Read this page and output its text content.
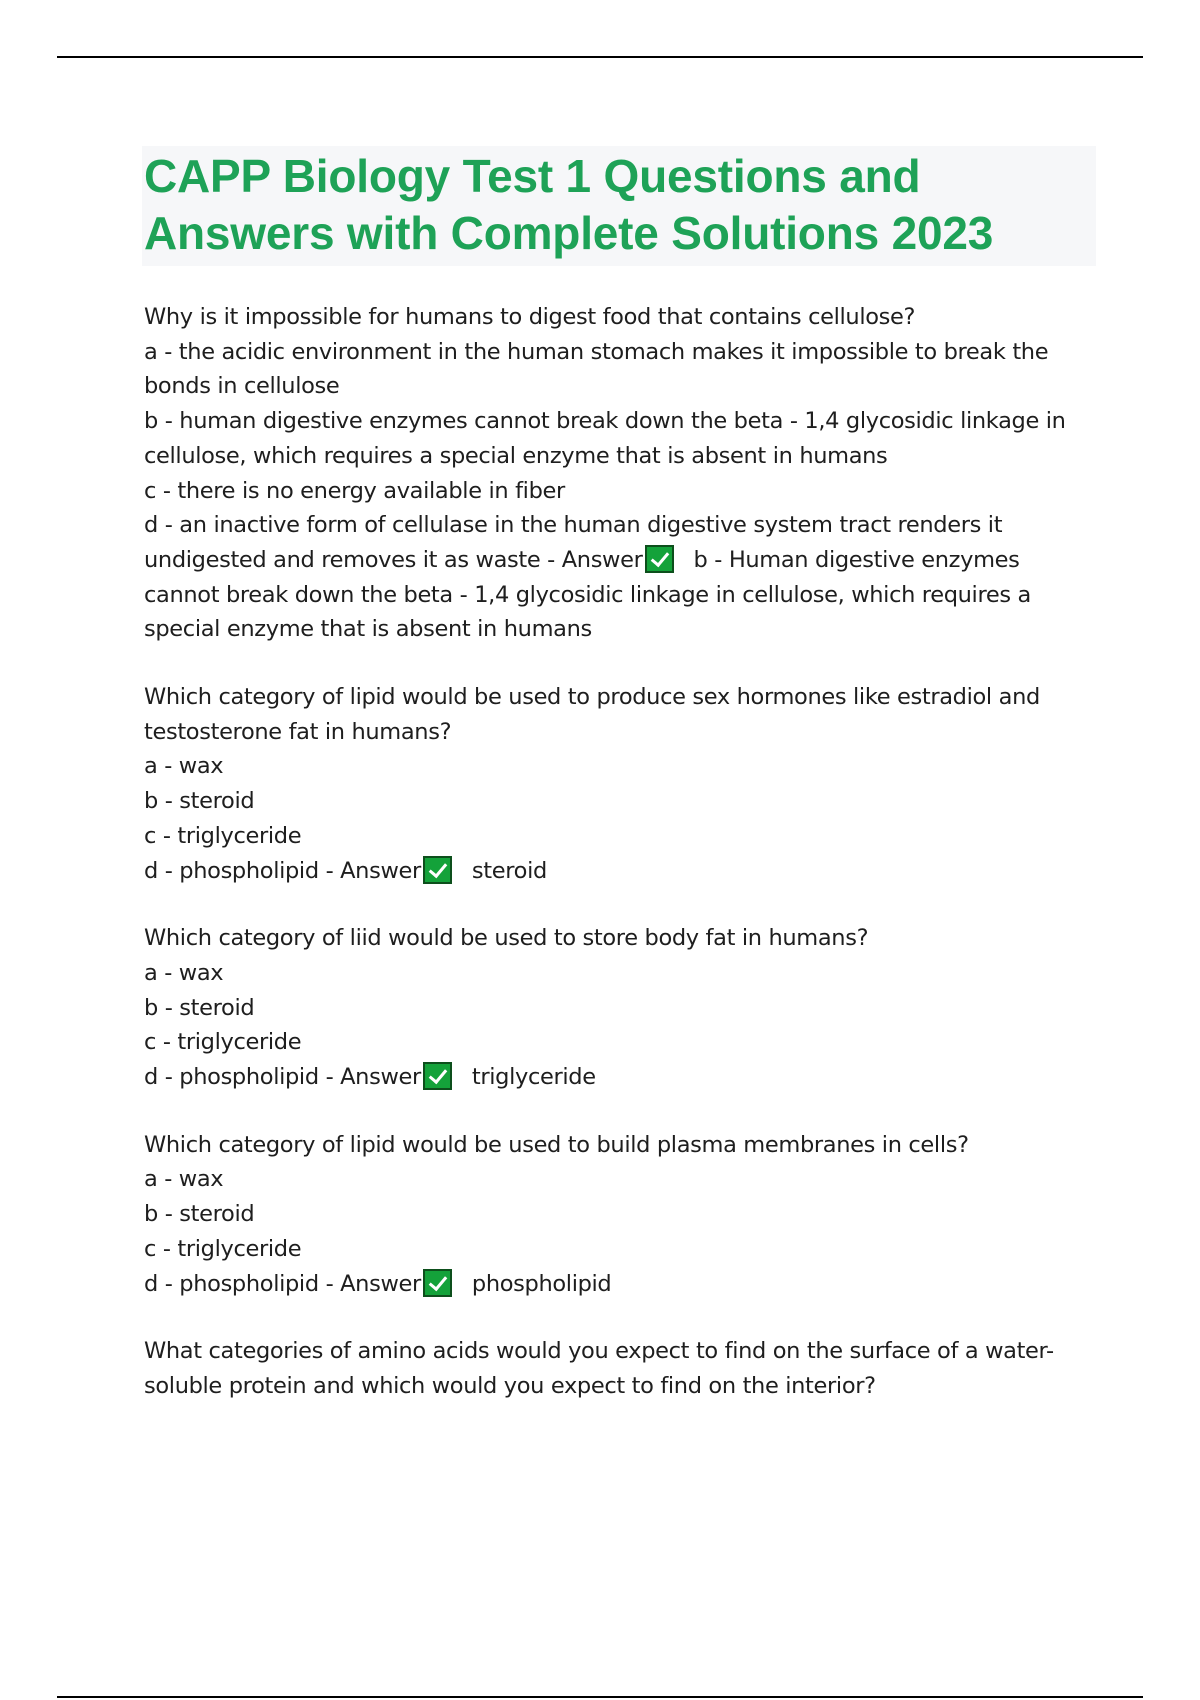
CAPP Biology Test 1 Questions and Answers with Complete Solutions 2023
Why is it impossible for humans to digest food that contains cellulose?
a - the acidic environment in the human stomach makes it impossible to break the bonds in cellulose
b - human digestive enzymes cannot break down the beta - 1,4 glycosidic linkage in cellulose, which requires a special enzyme that is absent in humans
c - there is no energy available in fiber
d - an inactive form of cellulase in the human digestive system tract renders it undigested and removes it as waste - Answer b - Human digestive enzymes cannot break down the beta - 1,4 glycosidic linkage in cellulose, which requires a special enzyme that is absent in humans
Which category of lipid would be used to produce sex hormones like estradiol and testosterone fat in humans?
a - wax
b - steroid
c - triglyceride
d - phospholipid - Answer steroid
Which category of liid would be used to store body fat in humans?
a - wax
b - steroid
c - triglyceride
d - phospholipid - Answer triglyceride
Which category of lipid would be used to build plasma membranes in cells?
a - wax
b - steroid
c - triglyceride
d - phospholipid - Answer phospholipid
What categories of amino acids would you expect to find on the surface of a water-soluble protein and which would you expect to find on the interior?
